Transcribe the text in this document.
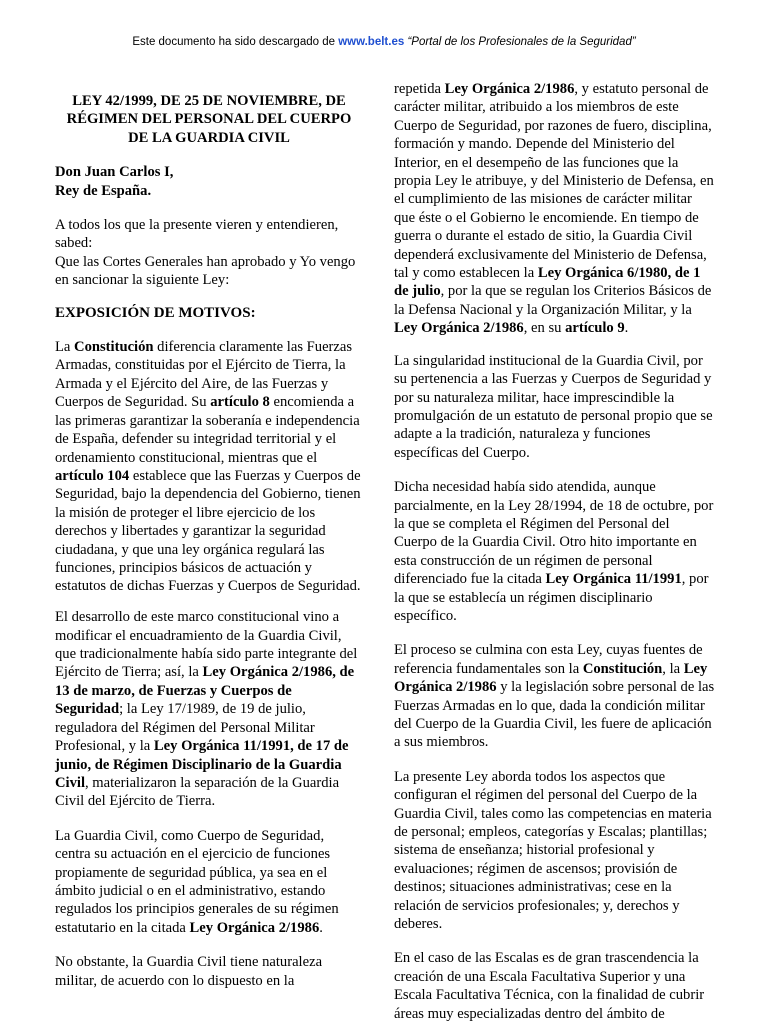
Este documento ha sido descargado de www.belt.es “Portal de los Profesionales de la Seguridad”

LEY 42/1999, DE 25 DE NOVIEMBRE, DE RÉGIMEN DEL PERSONAL DEL CUERPO DE LA GUARDIA CIVIL

Don Juan Carlos I,
Rey de España.

A todos los que la presente vieren y entendieren, sabed:
Que las Cortes Generales han aprobado y Yo vengo en sancionar la siguiente Ley:

EXPOSICIÓN DE MOTIVOS:

La Constitución diferencia claramente las Fuerzas Armadas, constituidas por el Ejército de Tierra, la Armada y el Ejército del Aire, de las Fuerzas y Cuerpos de Seguridad. Su artículo 8 encomienda a las primeras garantizar la soberanía e independencia de España, defender su integridad territorial y el ordenamiento constitucional, mientras que el artículo 104 establece que las Fuerzas y Cuerpos de Seguridad, bajo la dependencia del Gobierno, tienen la misión de proteger el libre ejercicio de los derechos y libertades y garantizar la seguridad ciudadana, y que una ley orgánica regulará las funciones, principios básicos de actuación y estatutos de dichas Fuerzas y Cuerpos de Seguridad.

El desarrollo de este marco constitucional vino a modificar el encuadramiento de la Guardia Civil, que tradicionalmente había sido parte integrante del Ejército de Tierra; así, la Ley Orgánica 2/1986, de 13 de marzo, de Fuerzas y Cuerpos de Seguridad; la Ley 17/1989, de 19 de julio, reguladora del Régimen del Personal Militar Profesional, y la Ley Orgánica 11/1991, de 17 de junio, de Régimen Disciplinario de la Guardia Civil, materializaron la separación de la Guardia Civil del Ejército de Tierra.

La Guardia Civil, como Cuerpo de Seguridad, centra su actuación en el ejercicio de funciones propiamente de seguridad pública, ya sea en el ámbito judicial o en el administrativo, estando regulados los principios generales de su régimen estatutario en la citada Ley Orgánica 2/1986.

No obstante, la Guardia Civil tiene naturaleza militar, de acuerdo con lo dispuesto en la

repetida Ley Orgánica 2/1986, y estatuto personal de carácter militar, atribuido a los miembros de este Cuerpo de Seguridad, por razones de fuero, disciplina, formación y mando. Depende del Ministerio del Interior, en el desempeño de las funciones que la propia Ley le atribuye, y del Ministerio de Defensa, en el cumplimiento de las misiones de carácter militar que éste o el Gobierno le encomiende. En tiempo de guerra o durante el estado de sitio, la Guardia Civil dependerá exclusivamente del Ministerio de Defensa, tal y como establecen la Ley Orgánica 6/1980, de 1 de julio, por la que se regulan los Criterios Básicos de la Defensa Nacional y la Organización Militar, y la Ley Orgánica 2/1986, en su artículo 9.

La singularidad institucional de la Guardia Civil, por su pertenencia a las Fuerzas y Cuerpos de Seguridad y por su naturaleza militar, hace imprescindible la promulgación de un estatuto de personal propio que se adapte a la tradición, naturaleza y funciones específicas del Cuerpo.

Dicha necesidad había sido atendida, aunque parcialmente, en la Ley 28/1994, de 18 de octubre, por la que se completa el Régimen del Personal del Cuerpo de la Guardia Civil. Otro hito importante en esta construcción de un régimen de personal diferenciado fue la citada Ley Orgánica 11/1991, por la que se establecía un régimen disciplinario específico.

El proceso se culmina con esta Ley, cuyas fuentes de referencia fundamentales son la Constitución, la Ley Orgánica 2/1986 y la legislación sobre personal de las Fuerzas Armadas en lo que, dada la condición militar del Cuerpo de la Guardia Civil, les fuere de aplicación a sus miembros.

La presente Ley aborda todos los aspectos que configuran el régimen del personal del Cuerpo de la Guardia Civil, tales como las competencias en materia de personal; empleos, categorías y Escalas; plantillas; sistema de enseñanza; historial profesional y evaluaciones; régimen de ascensos; provisión de destinos; situaciones administrativas; cese en la relación de servicios profesionales; y, derechos y deberes.

En el caso de las Escalas es de gran trascendencia la creación de una Escala Facultativa Superior y una Escala Facultativa Técnica, con la finalidad de cubrir áreas muy especializadas dentro del ámbito de
